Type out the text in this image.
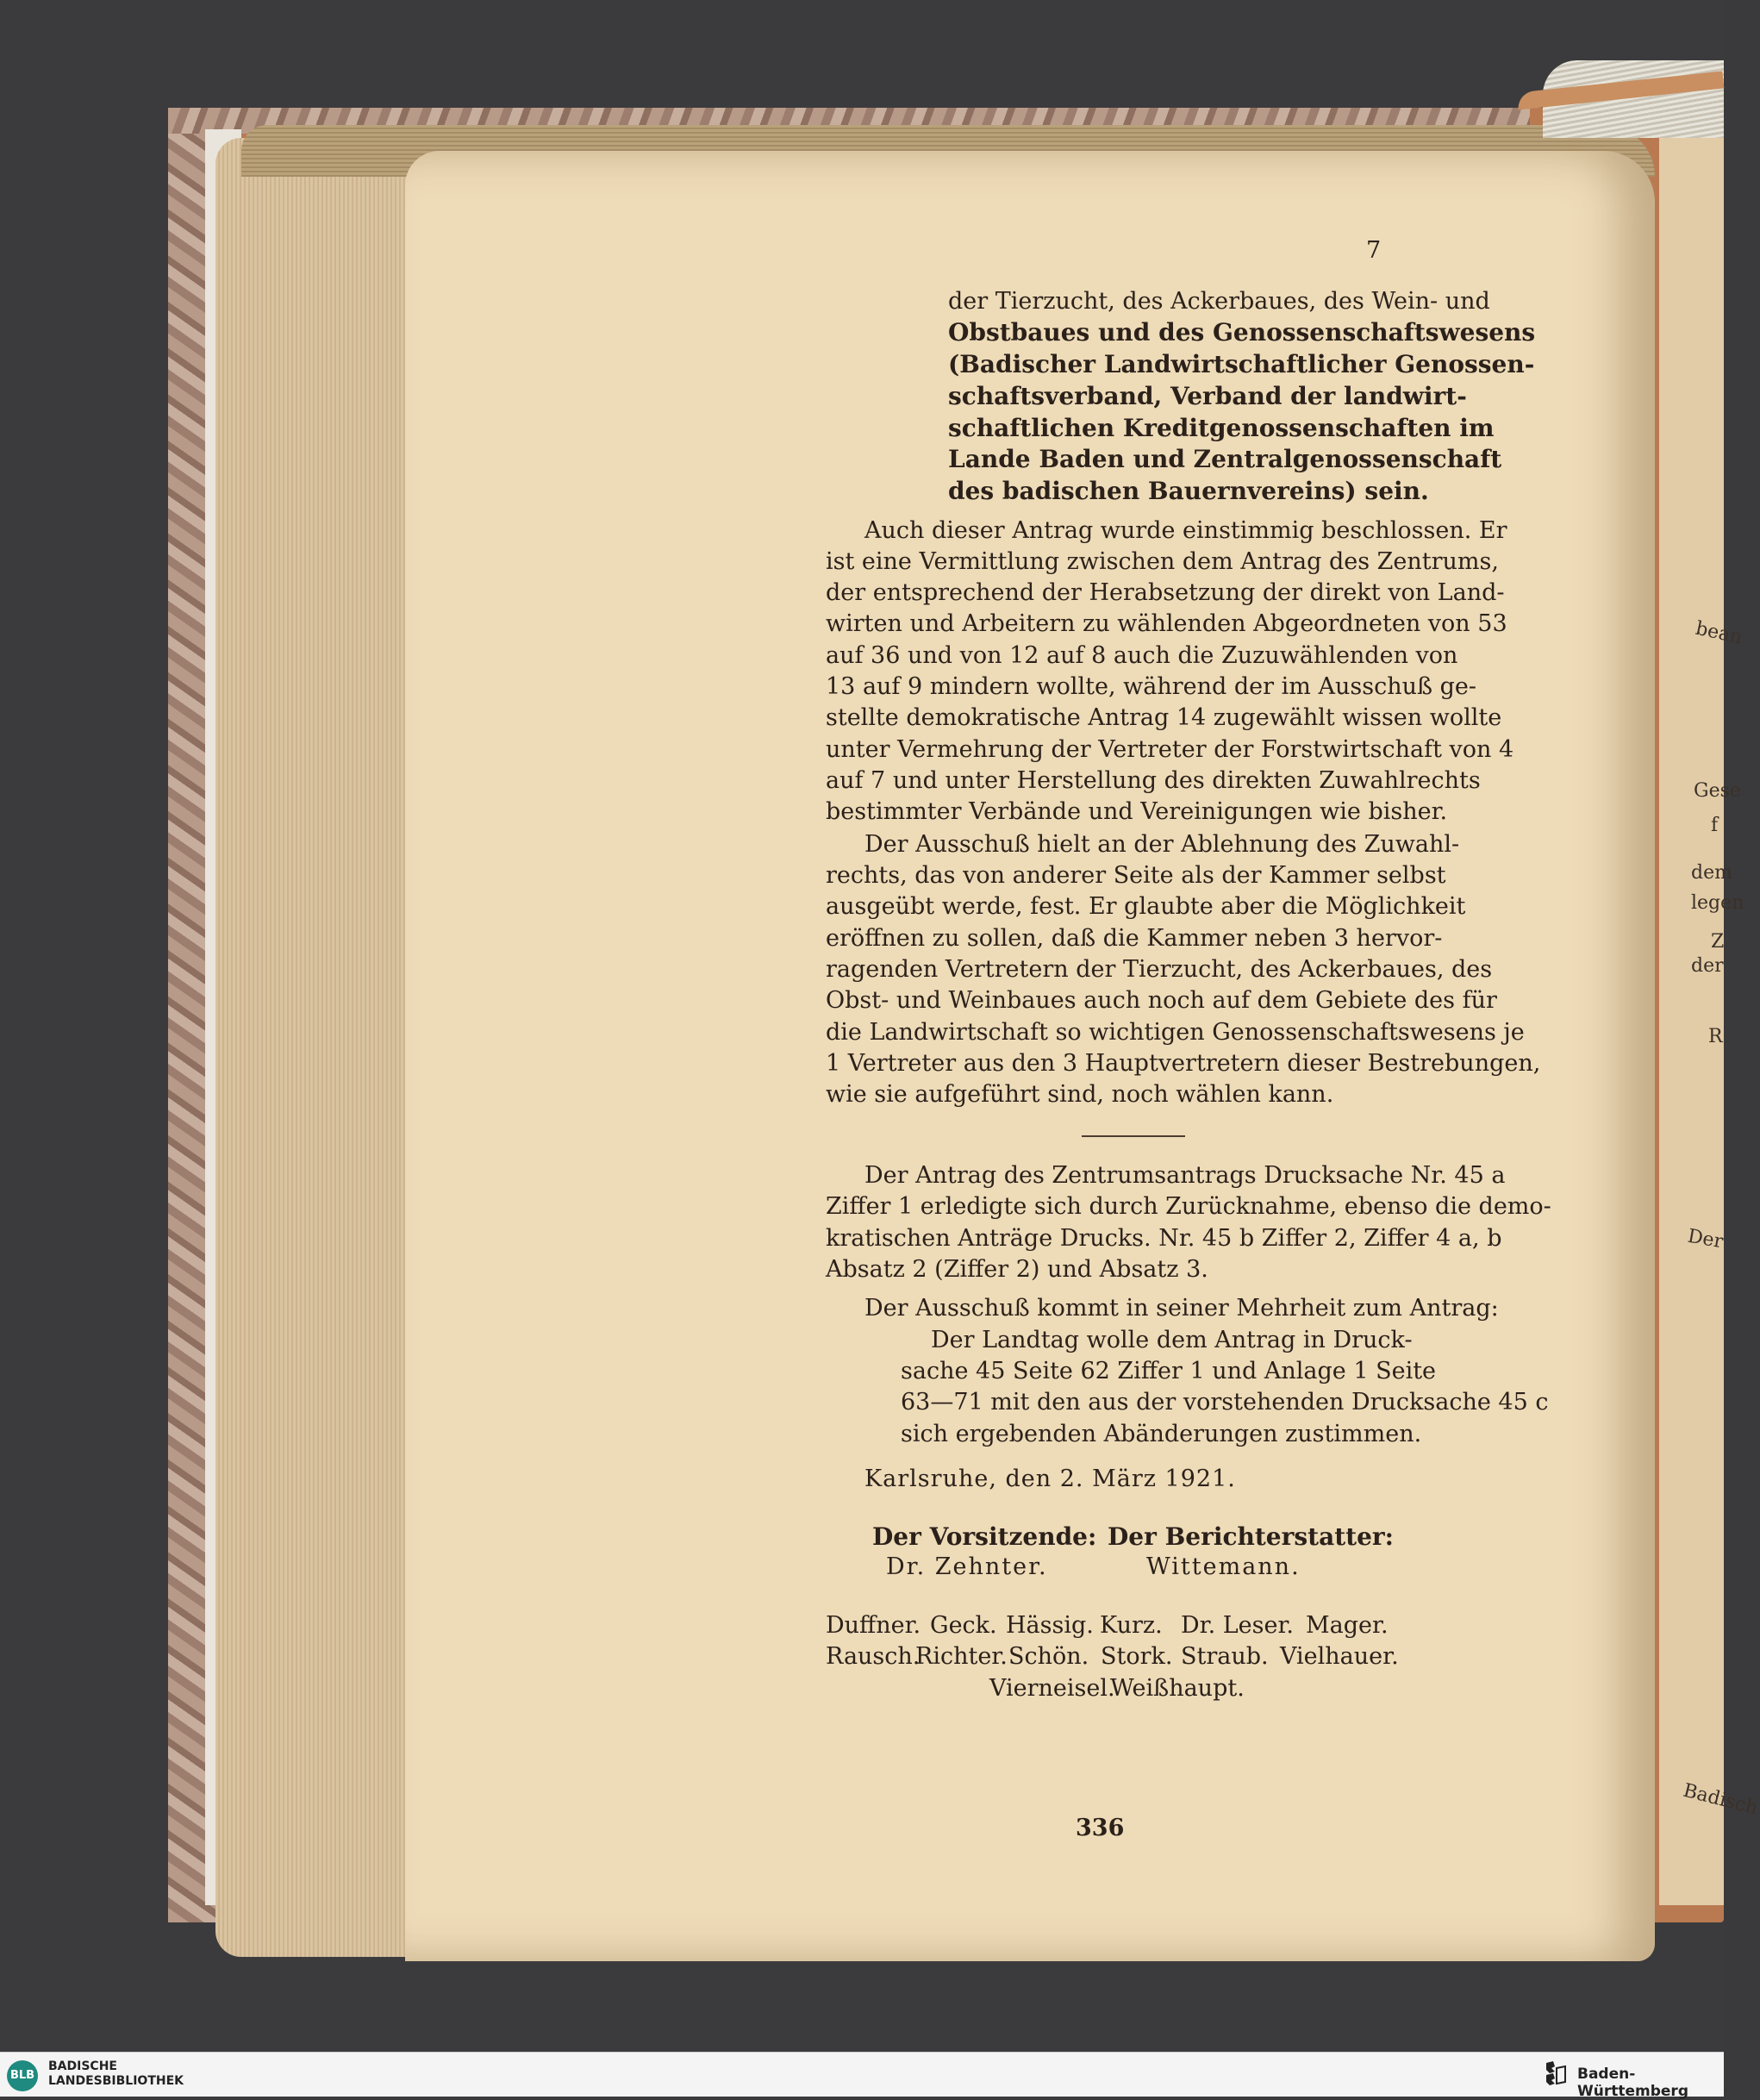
7
der Tierzucht, des Ackerbaues, des Wein- und
Obstbaues und des Genossenschaftswesens
(Badischer Landwirtschaftlicher Genossen-
schaftsverband, Verband der landwirt-
schaftlichen Kreditgenossenschaften im
Lande Baden und Zentralgenossenschaft
des badischen Bauernvereins) sein.
Auch dieser Antrag wurde einstimmig beschlossen. Er
ist eine Vermittlung zwischen dem Antrag des Zentrums,
der entsprechend der Herabsetzung der direkt von Land-
wirten und Arbeitern zu wählenden Abgeordneten von 53
auf 36 und von 12 auf 8 auch die Zuzuwählenden von
13 auf 9 mindern wollte, während der im Ausschuß ge-
stellte demokratische Antrag 14 zugewählt wissen wollte
unter Vermehrung der Vertreter der Forstwirtschaft von 4
auf 7 und unter Herstellung des direkten Zuwahlrechts
bestimmter Verbände und Vereinigungen wie bisher.
Der Ausschuß hielt an der Ablehnung des Zuwahl-
rechts, das von anderer Seite als der Kammer selbst
ausgeübt werde, fest. Er glaubte aber die Möglichkeit
eröffnen zu sollen, daß die Kammer neben 3 hervor-
ragenden Vertretern der Tierzucht, des Ackerbaues, des
Obst- und Weinbaues auch noch auf dem Gebiete des für
die Landwirtschaft so wichtigen Genossenschaftswesens je
1 Vertreter aus den 3 Hauptvertretern dieser Bestrebungen,
wie sie aufgeführt sind, noch wählen kann.
Der Antrag des Zentrumsantrags Drucksache Nr. 45 a
Ziffer 1 erledigte sich durch Zurücknahme, ebenso die demo-
kratischen Anträge Drucks. Nr. 45 b Ziffer 2, Ziffer 4 a, b
Absatz 2 (Ziffer 2) und Absatz 3.
Der Ausschuß kommt in seiner Mehrheit zum Antrag:
Der Landtag wolle dem Antrag in Druck-
sache 45 Seite 62 Ziffer 1 und Anlage 1 Seite
63—71 mit den aus der vorstehenden Drucksache 45 c
sich ergebenden Abänderungen zustimmen.
Karlsruhe, den 2. März 1921.
Der Vorsitzende:
Dr. Zehnter.
Der Berichterstatter:
Wittemann.
Duffner. Geck. Hässig. Kurz. Dr. Leser. Mager.
Rausch.
Richter. Schön. Stork. Straub. Vielhauer.
Vierneisel.
Weißhaupt.
336
bean
Gese
f
dem
legen
Z
der
R
Der
Badisch
BLB
BADISCHE
LANDESBIBLIOTHEK	Baden-Württemberg
